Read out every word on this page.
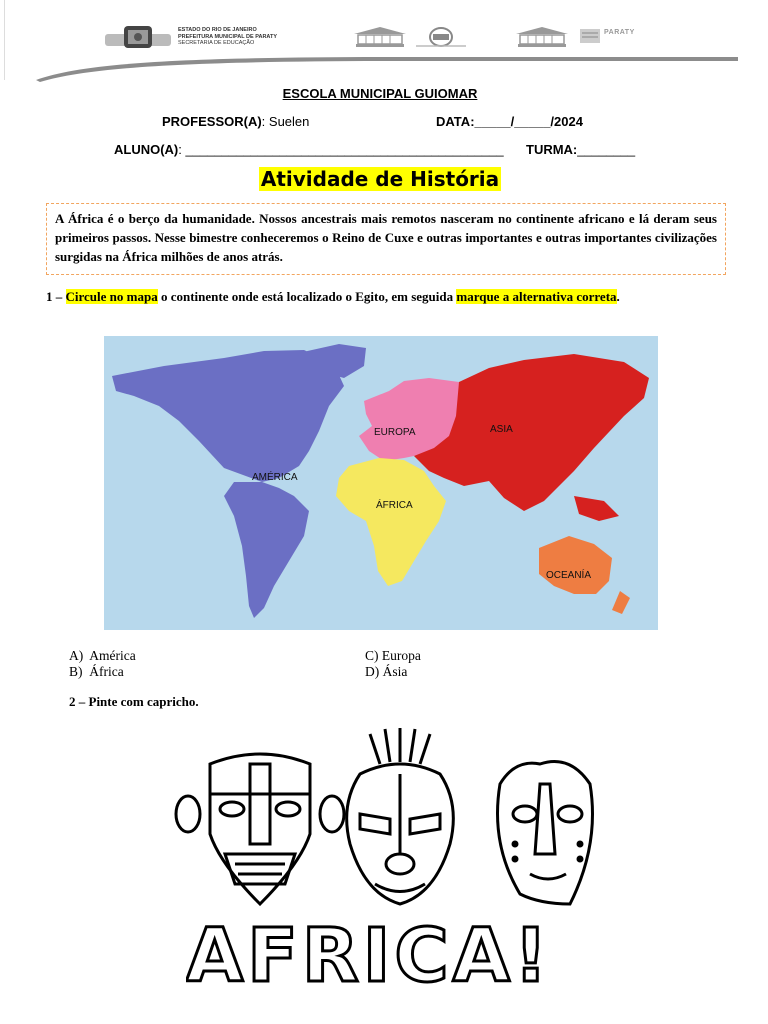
ESTADO DO RIO DE JANEIRO
PREFEITURA MUNICIPAL DE PARATY
SECRETARIA DE EDUCAÇÃO
PARATY
ESCOLA MUNICIPAL GUIOMAR
PROFESSOR(A): Suelen	DATA:_____/_____/2024
ALUNO(A): ____________________________________________ TURMA:________
Atividade de História
A África é o berço da humanidade. Nossos ancestrais mais remotos nasceram no continente africano e lá deram seus primeiros passos. Nesse bimestre conheceremos o Reino de Cuxe e outras importantes e outras importantes civilizações surgidas na África milhões de anos atrás.
1 – Circule no mapa o continente onde está localizado o Egito, em seguida marque a alternativa correta.
AMÉRICA
EUROPA	ASIA
ÁFRICA
OCEANÍA
A) América
B) África
C) Europa
D) Ásia
2 – Pinte com capricho.
AFRICA!
